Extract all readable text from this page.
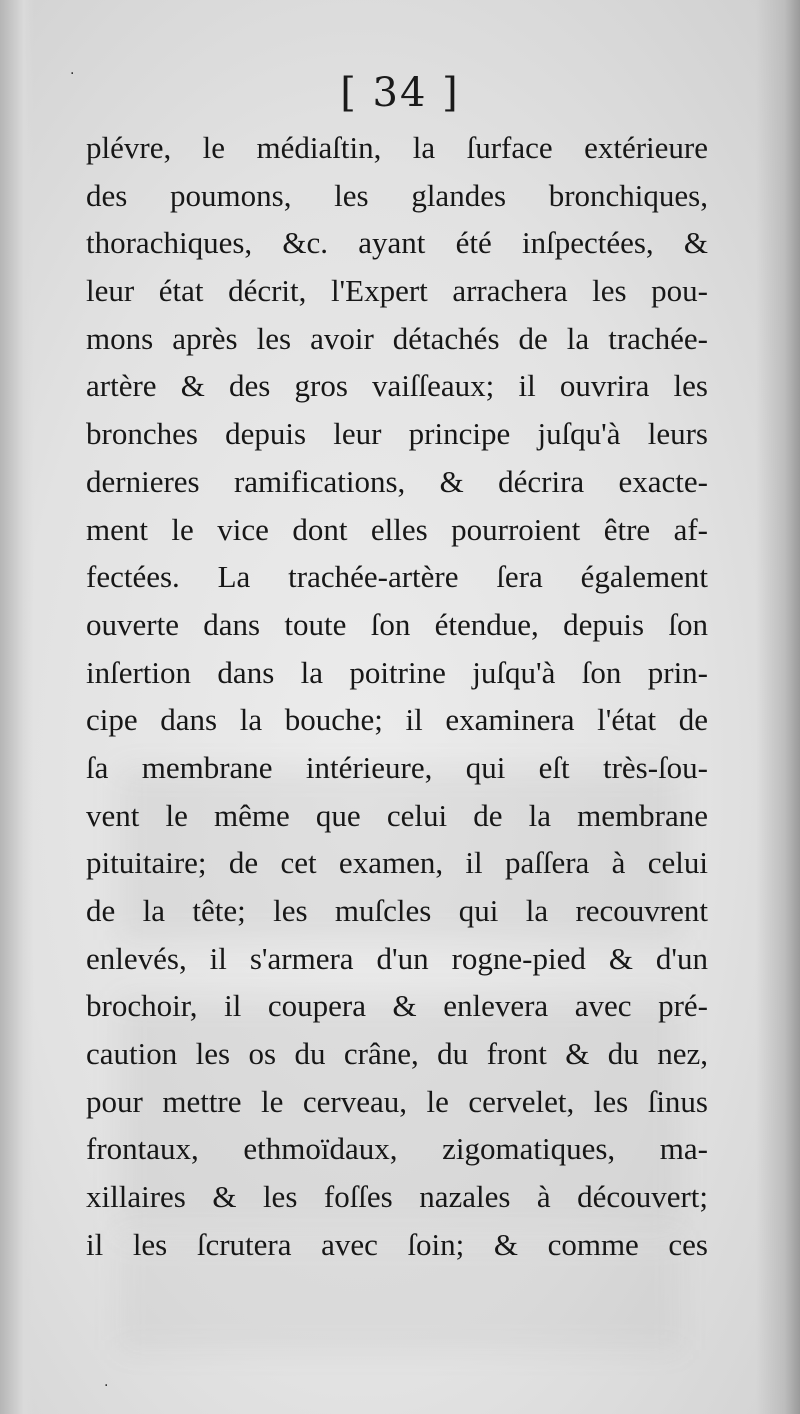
·
·
[ 34 ]
plévre, le médiaſtin, la ſurface extérieure
des poumons, les glandes bronchiques,
thorachiques, &c. ayant été inſpectées, &
leur état décrit, l'Expert arrachera les pou-
mons après les avoir détachés de la trachée-
artère & des gros vaiſſeaux; il ouvrira les
bronches depuis leur principe juſqu'à leurs
dernieres ramifications, & décrira exacte-
ment le vice dont elles pourroient être af-
fectées. La trachée-artère ſera également
ouverte dans toute ſon étendue, depuis ſon
inſertion dans la poitrine juſqu'à ſon prin-
cipe dans la bouche; il examinera l'état de
ſa membrane intérieure, qui eſt très-ſou-
vent le même que celui de la membrane
pituitaire; de cet examen, il paſſera à celui
de la tête; les muſcles qui la recouvrent
enlevés, il s'armera d'un rogne-pied & d'un
brochoir, il coupera & enlevera avec pré-
caution les os du crâne, du front & du nez,
pour mettre le cerveau, le cervelet, les ſinus
frontaux, ethmoïdaux, zigomatiques, ma-
xillaires & les foſſes nazales à découvert;
il les ſcrutera avec ſoin; & comme ces
